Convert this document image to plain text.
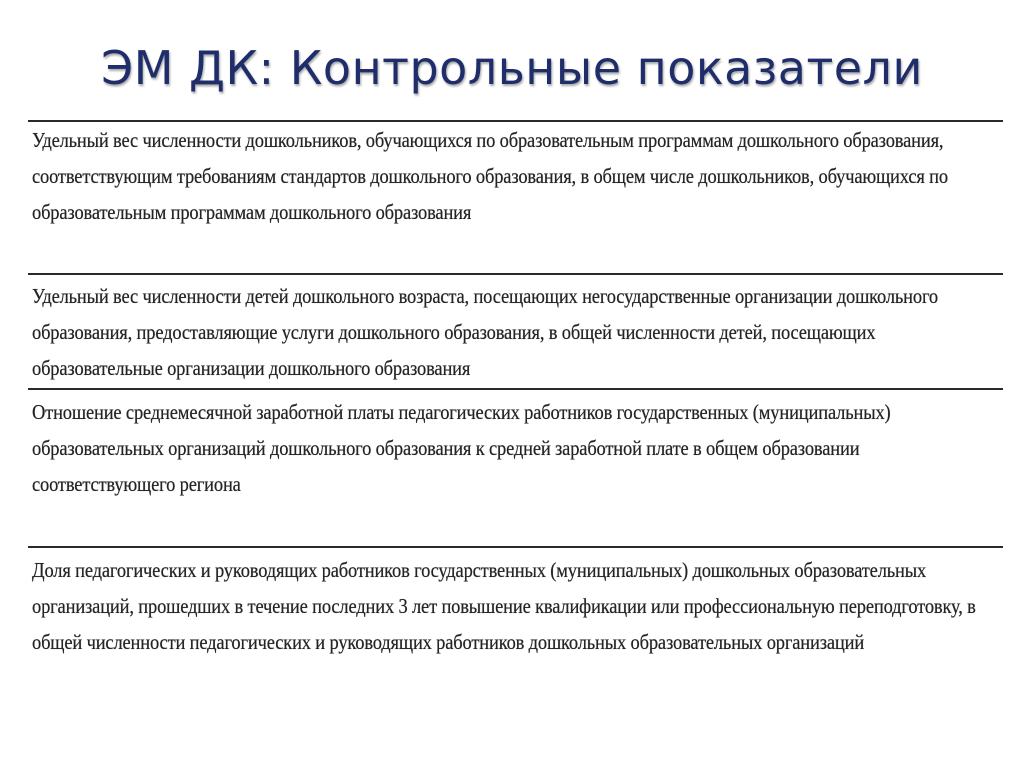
ЭМ ДК: Контрольные показатели
Удельный вес численности дошкольников, обучающихся по образовательным программам дошкольного образования, соответствующим требованиям стандартов дошкольного образования, в общем числе дошкольников, обучающихся по образовательным программам дошкольного образования
Удельный вес численности детей дошкольного возраста, посещающих негосударственные организации дошкольного образования, предоставляющие услуги дошкольного образования, в общей численности детей, посещающих образовательные организации дошкольного образования
Отношение среднемесячной заработной платы педагогических работников государственных (муниципальных) образовательных организаций дошкольного образования к средней заработной плате в общем образовании соответствующего региона
Доля педагогических и руководящих работников государственных (муниципальных) дошкольных образовательных организаций, прошедших в течение последних 3 лет повышение квалификации или профессиональную переподготовку, в общей численности педагогических и руководящих работников дошкольных образовательных организаций
